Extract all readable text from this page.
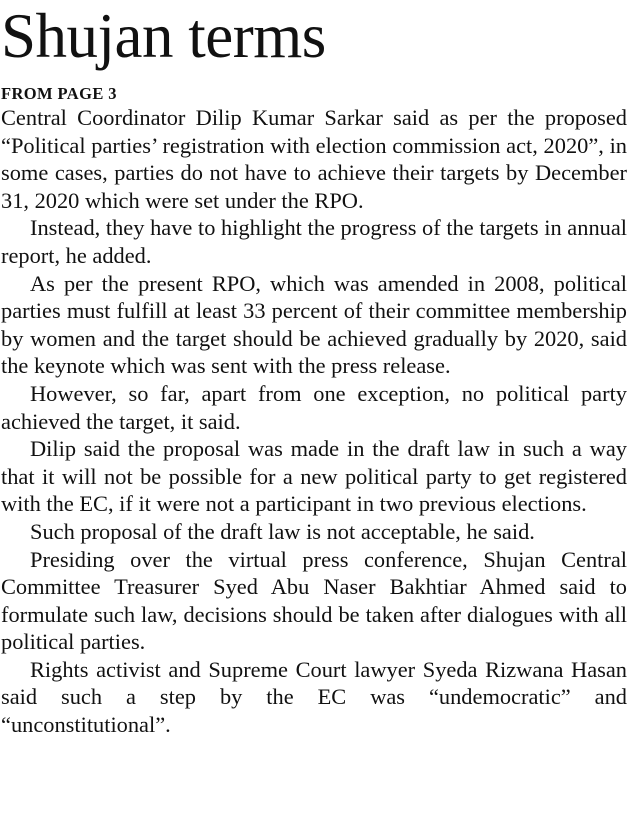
Shujan terms
FROM PAGE 3

Central Coordinator Dilip Kumar Sarkar said as per the proposed “Political parties’ registration with election commission act, 2020”, in some cases, parties do not have to achieve their targets by December 31, 2020 which were set under the RPO.

Instead, they have to highlight the progress of the targets in annual report, he added.

As per the present RPO, which was amended in 2008, political parties must fulfill at least 33 percent of their committee membership by women and the target should be achieved gradually by 2020, said the keynote which was sent with the press release.

However, so far, apart from one exception, no political party achieved the target, it said.

Dilip said the proposal was made in the draft law in such a way that it will not be possible for a new political party to get registered with the EC, if it were not a participant in two previous elections.

Such proposal of the draft law is not acceptable, he said.

Presiding over the virtual press conference, Shujan Central Committee Treasurer Syed Abu Naser Bakhtiar Ahmed said to formulate such law, decisions should be taken after dialogues with all political parties.

Rights activist and Supreme Court lawyer Syeda Rizwana Hasan said such a step by the EC was “undemocratic” and “unconstitutional”.
